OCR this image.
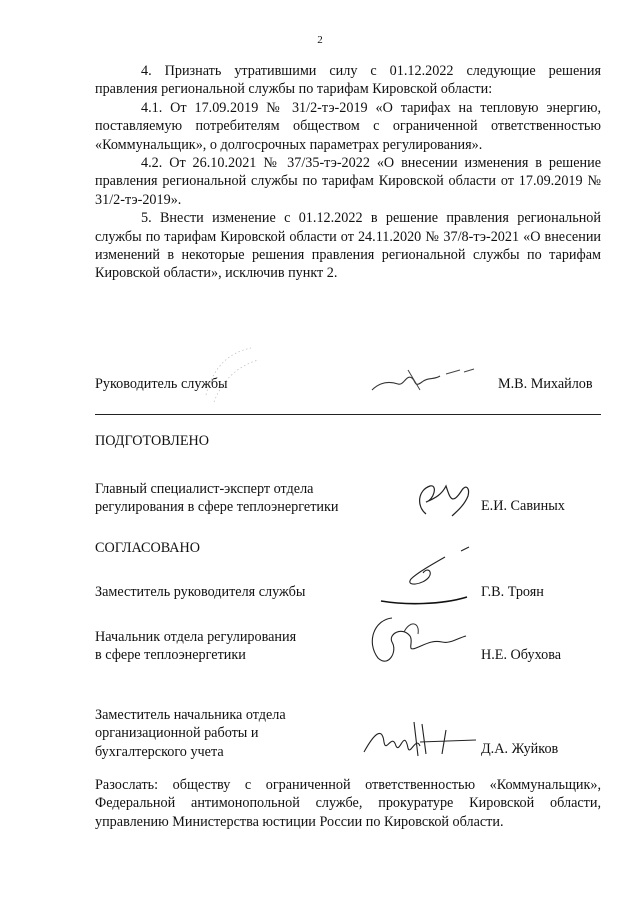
2

4. Признать утратившими силу с 01.12.2022 следующие решения правления региональной службы по тарифам Кировской области:

4.1. От 17.09.2019 № 31/2-тэ-2019 «О тарифах на тепловую энергию, поставляемую потребителям обществом с ограниченной ответственностью «Коммунальщик», о долгосрочных параметрах регулирования».

4.2. От 26.10.2021 № 37/35-тэ-2022 «О внесении изменения в решение правления региональной службы по тарифам Кировской области от 17.09.2019 № 31/2-тэ-2019».

5. Внести изменение с 01.12.2022 в решение правления региональной службы по тарифам Кировской области от 24.11.2020 № 37/8-тэ-2021 «О внесении изменений в некоторые решения правления региональной службы по тарифам Кировской области», исключив пункт 2.

Руководитель службы	М.В. Михайлов
ПОДГОТОВЛЕНО
Главный специалист-эксперт отдела
регулирования в сфере теплоэнергетики	Е.И. Савиных
СОГЛАСОВАНО
Заместитель руководителя службы	Г.В. Троян
Начальник отдела регулирования
в сфере теплоэнергетики	Н.Е. Обухова
Заместитель начальника отдела
организационной работы и
бухгалтерского учета	Д.А. Жуйков
Разослать: обществу с ограниченной ответственностью «Коммунальщик», Федеральной антимонопольной службе, прокуратуре Кировской области, управлению Министерства юстиции России по Кировской области.
